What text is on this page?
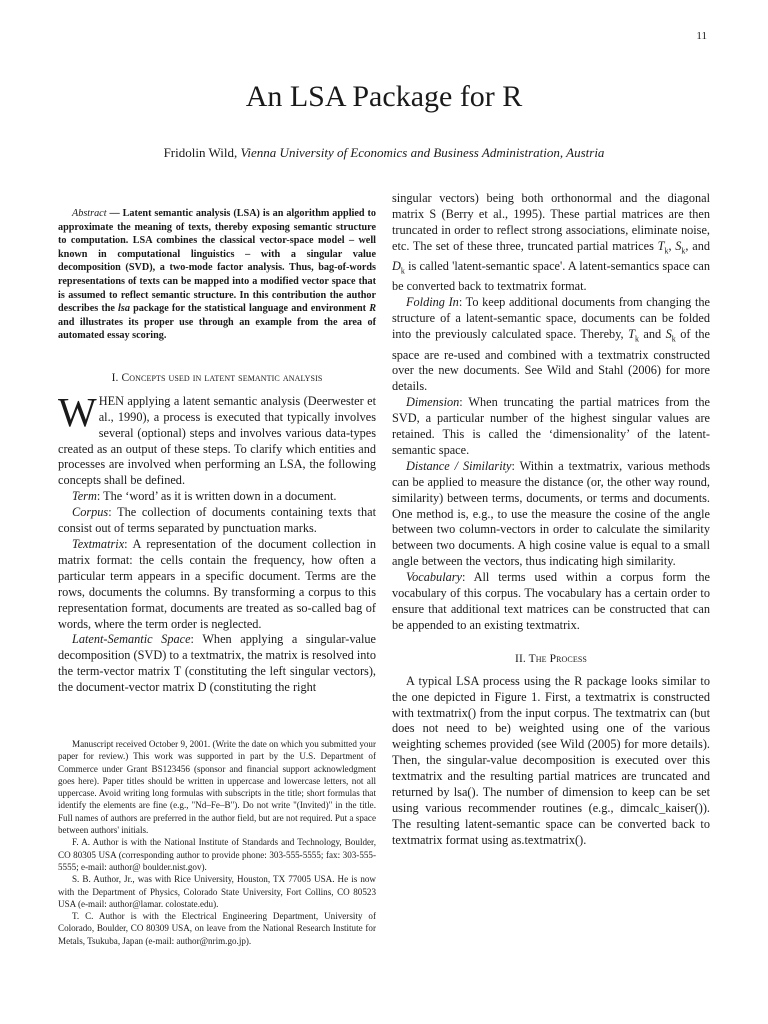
11
An LSA Package for R
Fridolin Wild, Vienna University of Economics and Business Administration, Austria

Abstract — Latent semantic analysis (LSA) is an algorithm applied to approximate the meaning of texts, thereby exposing semantic structure to computation. LSA combines the classical vector-space model – well known in computational linguistics – with a singular value decomposition (SVD), a two-mode factor analysis. Thus, bag-of-words representations of texts can be mapped into a modified vector space that is assumed to reflect semantic structure. In this contribution the author describes the lsa package for the statistical language and environment R and illustrates its proper use through an example from the area of automated essay scoring.

I. Concepts used in latent semantic analysis

WHEN applying a latent semantic analysis (Deerwester et al., 1990), a process is executed that typically involves several (optional) steps and involves various data-types created as an output of these steps. To clarify which entities and processes are involved when performing an LSA, the following concepts shall be defined.

Term: The ‘word’ as it is written down in a document.

Corpus: The collection of documents containing texts that consist out of terms separated by punctuation marks.

Textmatrix: A representation of the document collection in matrix format: the cells contain the frequency, how often a particular term appears in a specific document. Terms are the rows, documents the columns. By transforming a corpus to this representation format, documents are treated as so-called bag of words, where the term order is neglected.

Latent-Semantic Space: When applying a singular-value decomposition (SVD) to a textmatrix, the matrix is resolved into the term-vector matrix T (constituting the left singular vectors), the document-vector matrix D (constituting the right

Manuscript received October 9, 2001. (Write the date on which you submitted your paper for review.) This work was supported in part by the U.S. Department of Commerce under Grant BS123456 (sponsor and financial support acknowledgment goes here). Paper titles should be written in uppercase and lowercase letters, not all uppercase. Avoid writing long formulas with subscripts in the title; short formulas that identify the elements are fine (e.g., "Nd–Fe–B"). Do not write "(Invited)" in the title. Full names of authors are preferred in the author field, but are not required. Put a space between authors' initials.

F. A. Author is with the National Institute of Standards and Technology, Boulder, CO 80305 USA (corresponding author to provide phone: 303-555-5555; fax: 303-555-5555; e-mail: author@ boulder.nist.gov).

S. B. Author, Jr., was with Rice University, Houston, TX 77005 USA. He is now with the Department of Physics, Colorado State University, Fort Collins, CO 80523 USA (e-mail: author@lamar. colostate.edu).

T. C. Author is with the Electrical Engineering Department, University of Colorado, Boulder, CO 80309 USA, on leave from the National Research Institute for Metals, Tsukuba, Japan (e-mail: author@nrim.go.jp).

singular vectors) being both orthonormal and the diagonal matrix S (Berry et al., 1995). These partial matrices are then truncated in order to reflect strong associations, eliminate noise, etc. The set of these three, truncated partial matrices $T_k$, $S_k$, and $D_k$ is called 'latent-semantic space'. A latent-semantics space can be converted back to textmatrix format.

Folding In: To keep additional documents from changing the structure of a latent-semantic space, documents can be folded into the previously calculated space. Thereby, $T_k$ and $S_k$ of the space are re-used and combined with a textmatrix constructed over the new documents. See Wild and Stahl (2006) for more details.

Dimension: When truncating the partial matrices from the SVD, a particular number of the highest singular values are retained. This is called the ‘dimensionality’ of the latent-semantic space.

Distance / Similarity: Within a textmatrix, various methods can be applied to measure the distance (or, the other way round, similarity) between terms, documents, or terms and documents. One method is, e.g., to use the measure the cosine of the angle between two column-vectors in order to calculate the similarity between two documents. A high cosine value is equal to a small angle between the vectors, thus indicating high similarity.

Vocabulary: All terms used within a corpus form the vocabulary of this corpus. The vocabulary has a certain order to ensure that additional text matrices can be constructed that can be appended to an existing textmatrix.

II. The Process

A typical LSA process using the R package looks similar to the one depicted in Figure 1. First, a textmatrix is constructed with textmatrix() from the input corpus. The textmatrix can (but does not need to be) weighted using one of the various weighting schemes provided (see Wild (2005) for more details). Then, the singular-value decomposition is executed over this textmatrix and the resulting partial matrices are truncated and returned by lsa(). The number of dimension to keep can be set using various recommender routines (e.g., dimcalc_kaiser()). The resulting latent-semantic space can be converted back to textmatrix format using as.textmatrix().
